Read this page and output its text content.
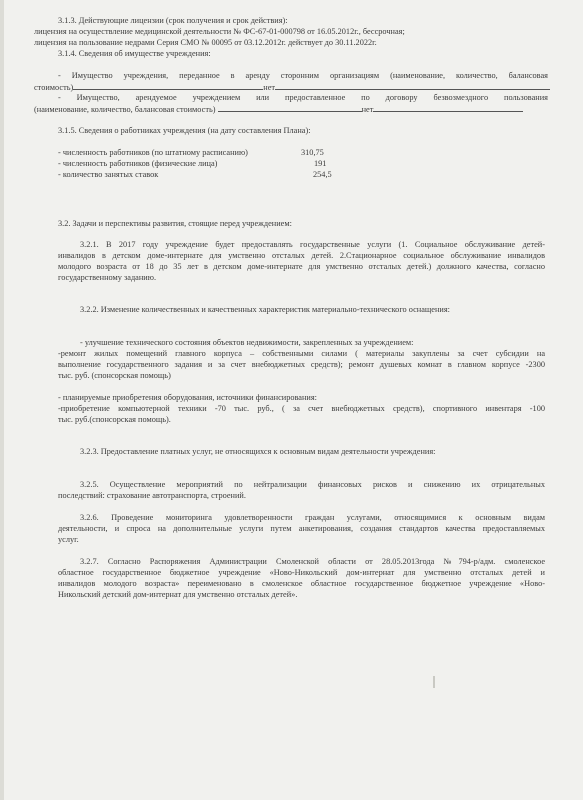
3.1.3. Действующие лицензии (срок получения и срок действия):
лицензия на осуществление медицинской деятельности № ФС-67-01-000798 от 16.05.2012г., бессрочная;
лицензия на пользование недрами Серия СМО № 00095 от 03.12.2012г. действует до 30.11.2022г.
3.1.4. Сведения об имуществе учреждения:
- Имущество учреждения, переданное в аренду сторонним организациям (наименование, количество, балансовая
стоимость)	нет
- Имущество, арендуемое учреждением или предоставленное по договору безвозмездного пользования
(наименование, количество, балансовая стоимость)	нет
3.1.5. Сведения о работниках учреждения (на дату составления Плана):
- численность работников (по штатному расписанию)	310,75
- численность работников (физические лица)	191
- количество занятых ставок	254,5
3.2. Задачи и перспективы развития, стоящие перед учреждением:
3.2.1. В 2017 году учреждение будет предоставлять государственные услуги (1. Социальное обслуживание детей-
инвалидов в детском доме-интернате для умственно отсталых детей. 2.Стационарное социальное обслуживание инвалидов
молодого возраста от 18 до 35 лет в детском доме-интернате для умственно отсталых детей.) должного качества, согласно
государственному заданию.
3.2.2. Изменение количественных и качественных характеристик материально-технического оснащения:
- улучшение технического состояния объектов недвижимости, закрепленных за учреждением:
-ремонт жилых помещений главного корпуса – собственными силами ( материалы закуплены за счет субсидии на
выполнение государственного задания и за счет внебюджетных средств); ремонт душевых комнат в главном корпусе -2300
тыс. руб. (спонсорская помощь)
- планируемые приобретения оборудования, источники финансирования:
-приобретение компьютерной техники -70 тыс. руб., ( за счет внебюджетных средств), спортивного инвентаря -100
тыс. руб.(спонсорская помощь).
3.2.3. Предоставление платных услуг, не относящихся к основным видам деятельности учреждения:
3.2.5. Осуществление мероприятий по нейтрализации финансовых рисков и снижению их отрицательных
последствий: страхование автотранспорта, строений.
3.2.6. Проведение мониторинга удовлетворенности граждан услугами, относящимися к основным видам
деятельности, и спроса на дополнительные услуги путем анкетирования, создания стандартов качества предоставляемых
услуг.
3.2.7. Согласно Распоряжения Администрации Смоленской области от 28.05.2013года №794-р/адм. смоленское
областное государственное бюджетное учреждение «Ново-Никольский дом-интернат для умственно отсталых детей и
инвалидов молодого возраста» переименовано в смоленское областное государственное бюджетное учреждение «Ново-
Никольский детский дом-интернат для умственно отсталых детей».
